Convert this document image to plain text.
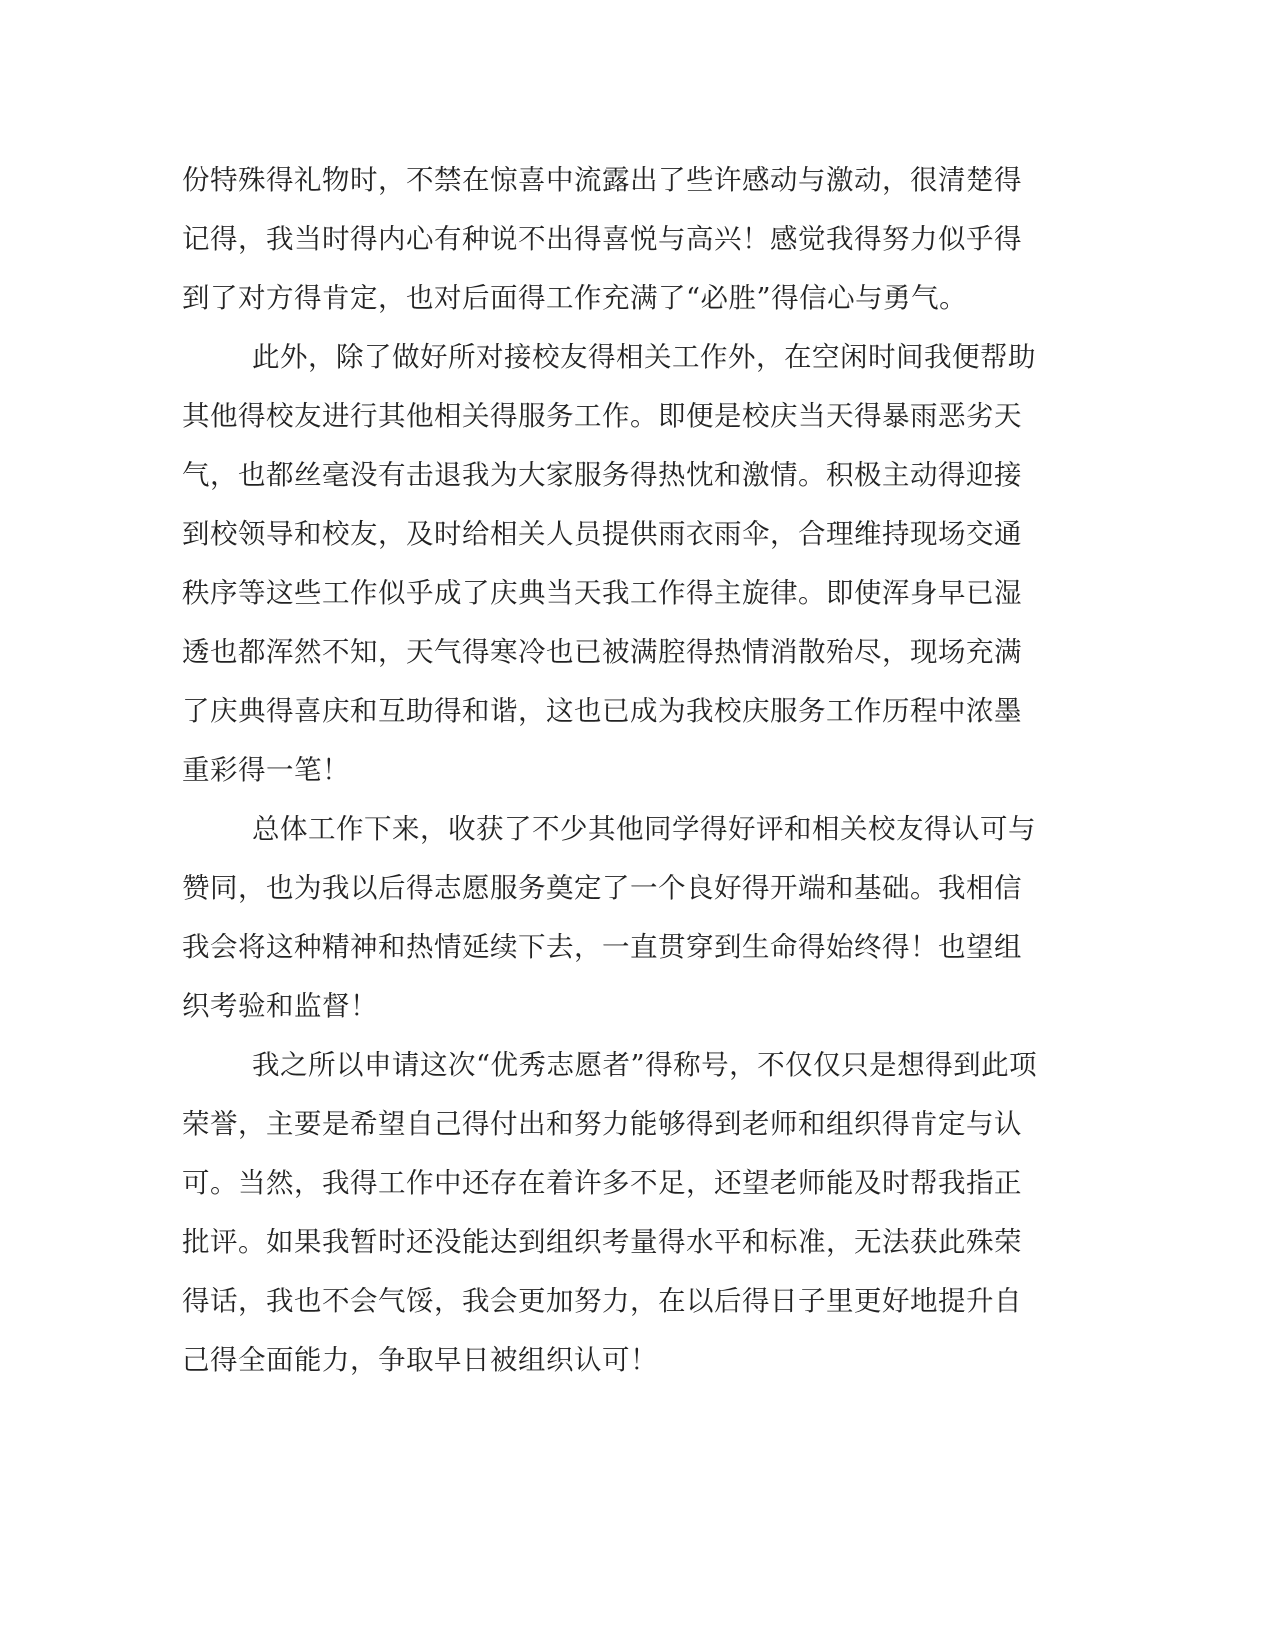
份特殊得礼物时，不禁在惊喜中流露出了些许感动与激动，很清楚得
记得，我当时得内心有种说不出得喜悦与高兴！感觉我得努力似乎得
到了对方得肯定，也对后面得工作充满了“必胜”得信心与勇气。
此外，除了做好所对接校友得相关工作外，在空闲时间我便帮助
其他得校友进行其他相关得服务工作。即便是校庆当天得暴雨恶劣天
气，也都丝毫没有击退我为大家服务得热忱和激情。积极主动得迎接
到校领导和校友，及时给相关人员提供雨衣雨伞，合理维持现场交通
秩序等这些工作似乎成了庆典当天我工作得主旋律。即使浑身早已湿
透也都浑然不知，天气得寒冷也已被满腔得热情消散殆尽，现场充满
了庆典得喜庆和互助得和谐，这也已成为我校庆服务工作历程中浓墨
重彩得一笔！
总体工作下来，收获了不少其他同学得好评和相关校友得认可与
赞同，也为我以后得志愿服务奠定了一个良好得开端和基础。我相信
我会将这种精神和热情延续下去，一直贯穿到生命得始终得！也望组
织考验和监督！
我之所以申请这次“优秀志愿者”得称号，不仅仅只是想得到此项
荣誉，主要是希望自己得付出和努力能够得到老师和组织得肯定与认
可。当然，我得工作中还存在着许多不足，还望老师能及时帮我指正
批评。如果我暂时还没能达到组织考量得水平和标准，无法获此殊荣
得话，我也不会气馁，我会更加努力，在以后得日子里更好地提升自
己得全面能力，争取早日被组织认可！
